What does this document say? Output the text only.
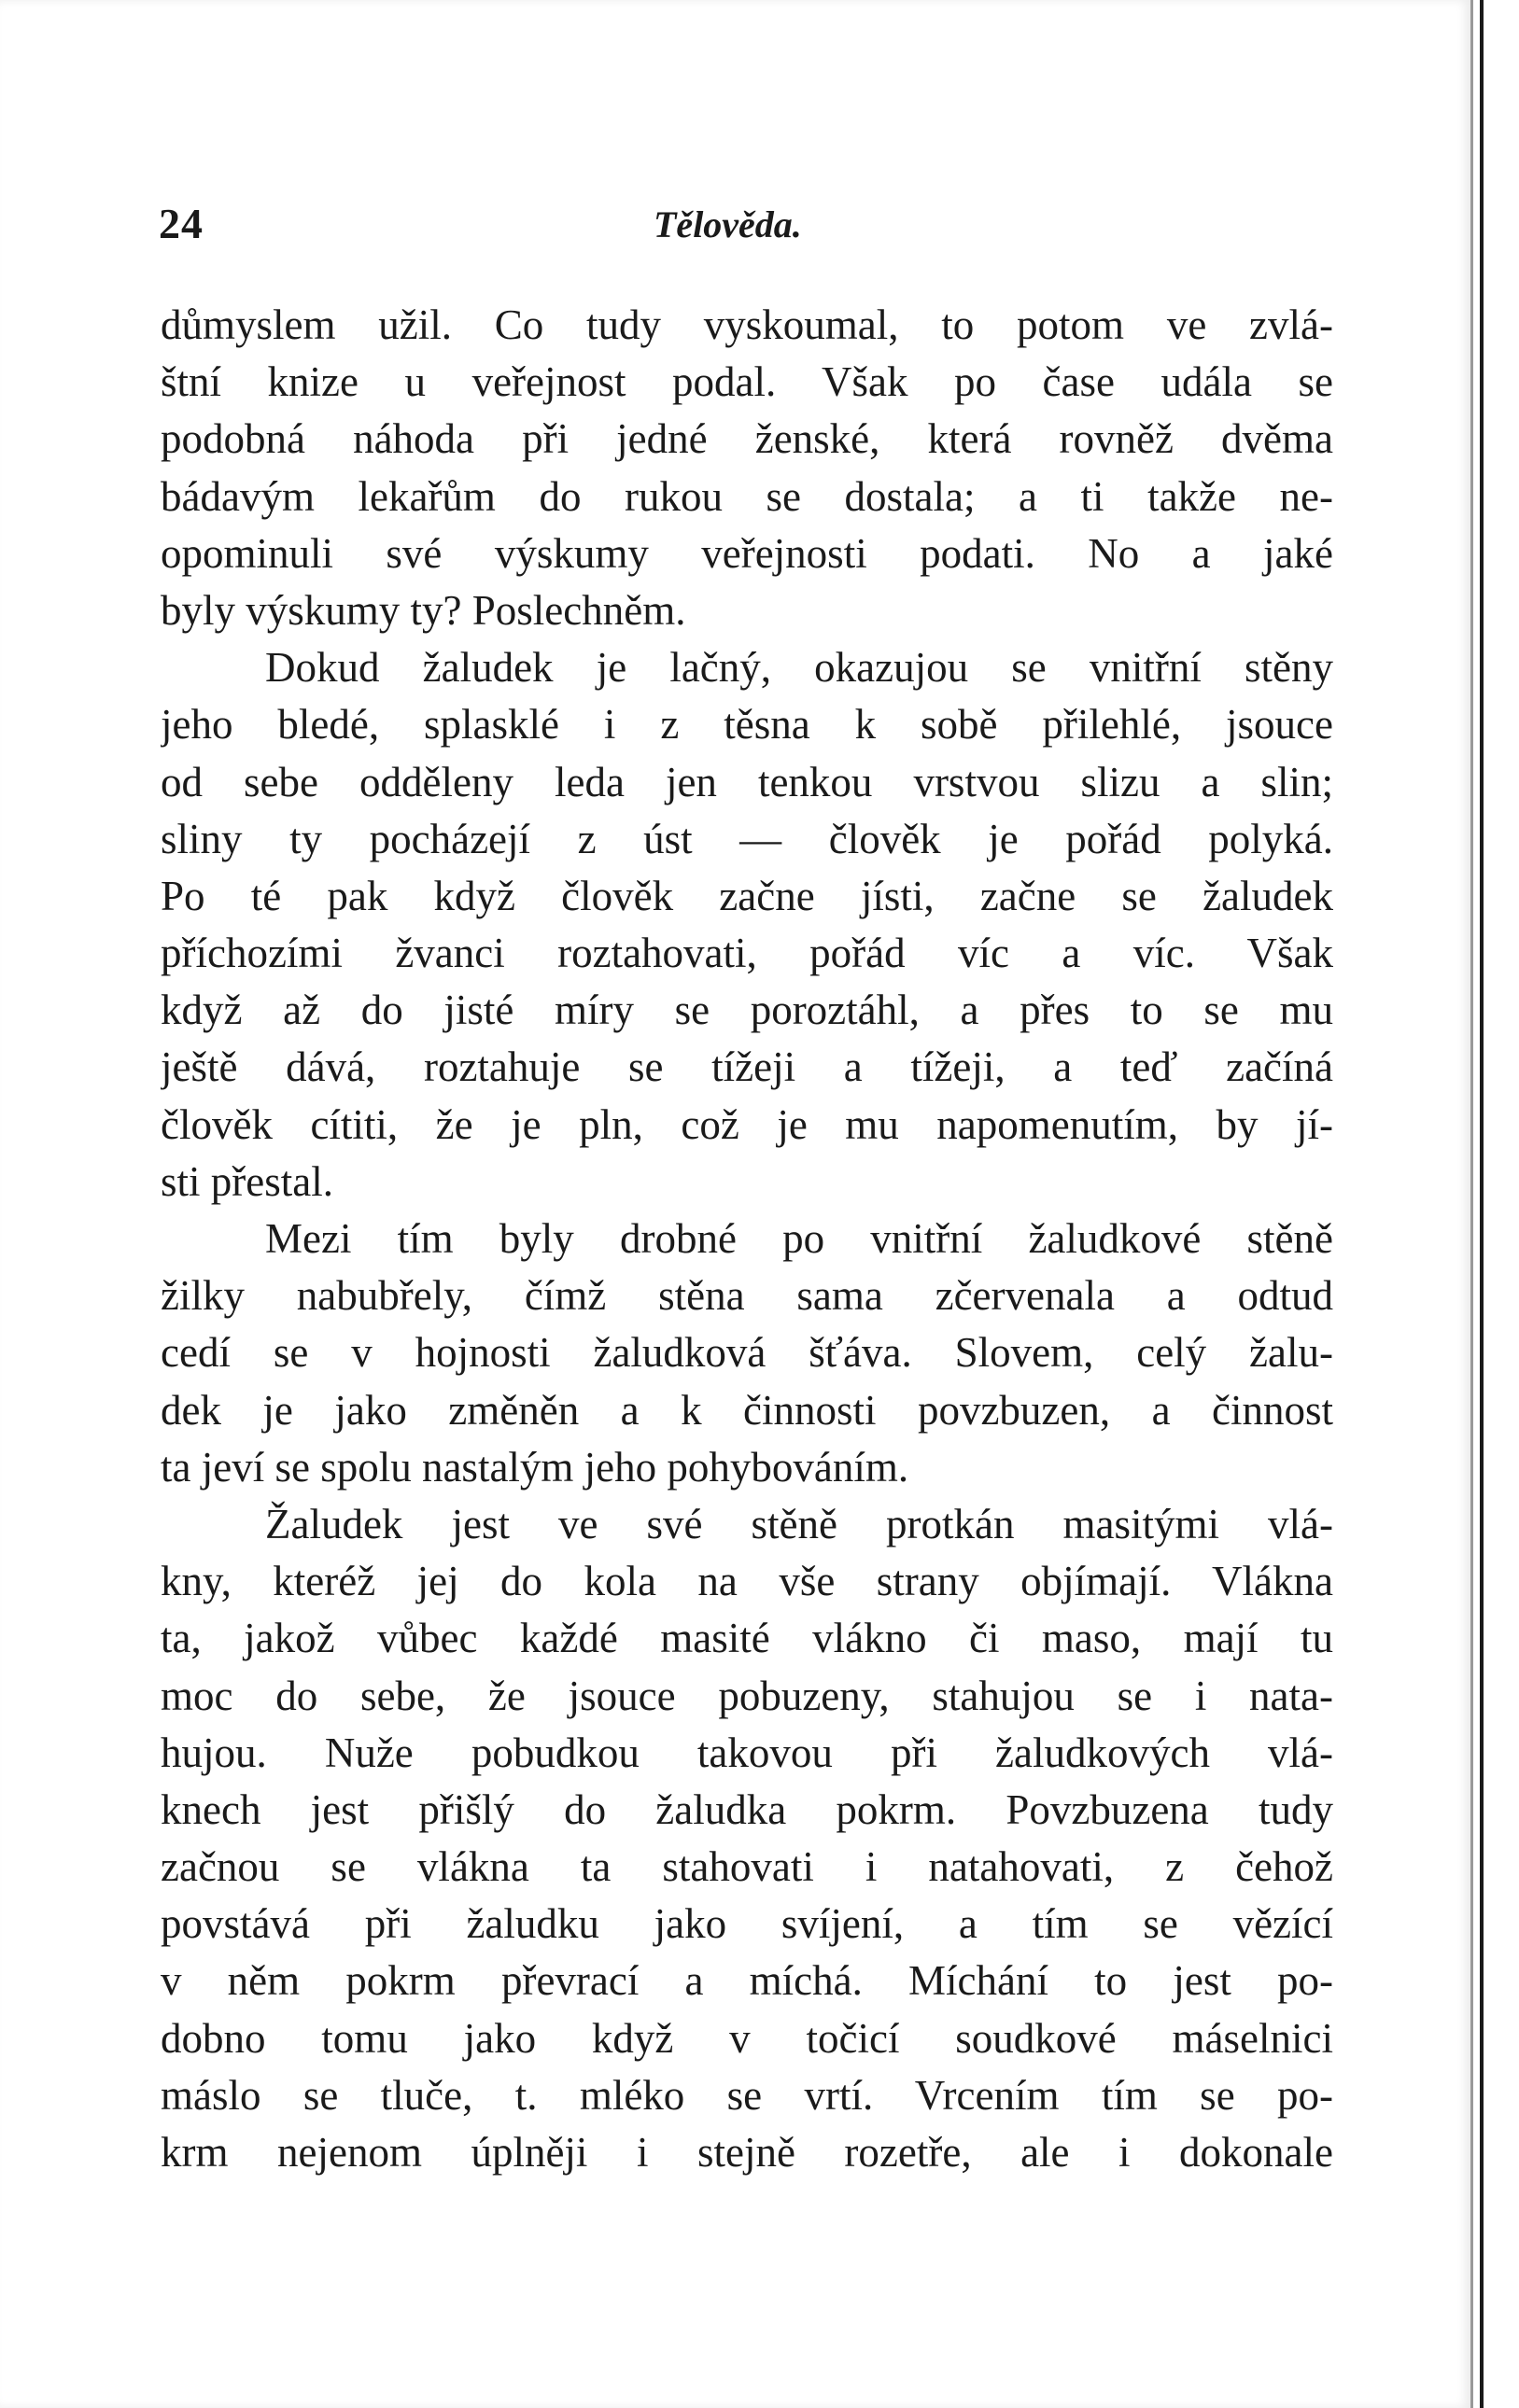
24	Tělověda.
důmyslem užil. Co tudy vyskoumal, to potom ve zvlá-
štní knize u veřejnost podal. Však po čase udála se
podobná náhoda při jedné ženské, která rovněž dvěma
bádavým lekařům do rukou se dostala; a ti takže ne-
opominuli své výskumy veřejnosti podati. No a jaké
byly výskumy ty? Poslechněm.
Dokud žaludek je lačný, okazujou se vnitřní stěny
jeho bledé, splasklé i z těsna k sobě přilehlé, jsouce
od sebe odděleny leda jen tenkou vrstvou slizu a slin;
sliny ty pocházejí z úst — člověk je pořád polyká.
Po té pak když člověk začne jísti, začne se žaludek
příchozími žvanci roztahovati, pořád víc a víc. Však
když až do jisté míry se poroztáhl, a přes to se mu
ještě dává, roztahuje se tížeji a tížeji, a teď začíná
člověk cítiti, že je pln, což je mu napomenutím, by jí-
sti přestal.
Mezi tím byly drobné po vnitřní žaludkové stěně
žilky nabubřely, čímž stěna sama zčervenala a odtud
cedí se v hojnosti žaludková šťáva. Slovem, celý žalu-
dek je jako změněn a k činnosti povzbuzen, a činnost
ta jeví se spolu nastalým jeho pohybováním.
Žaludek jest ve své stěně protkán masitými vlá-
kny, kteréž jej do kola na vše strany objímají. Vlákna
ta, jakož vůbec každé masité vlákno či maso, mají tu
moc do sebe, že jsouce pobuzeny, stahujou se i nata-
hujou. Nuže pobudkou takovou při žaludkových vlá-
knech jest přišlý do žaludka pokrm. Povzbuzena tudy
začnou se vlákna ta stahovati i natahovati, z čehož
povstává při žaludku jako svíjení, a tím se vězící
v něm pokrm převrací a míchá. Míchání to jest po-
dobno tomu jako když v točicí soudkové máselnici
máslo se tluče, t. mléko se vrtí. Vrcením tím se po-
krm nejenom úplněji i stejně rozetře, ale i dokonale
